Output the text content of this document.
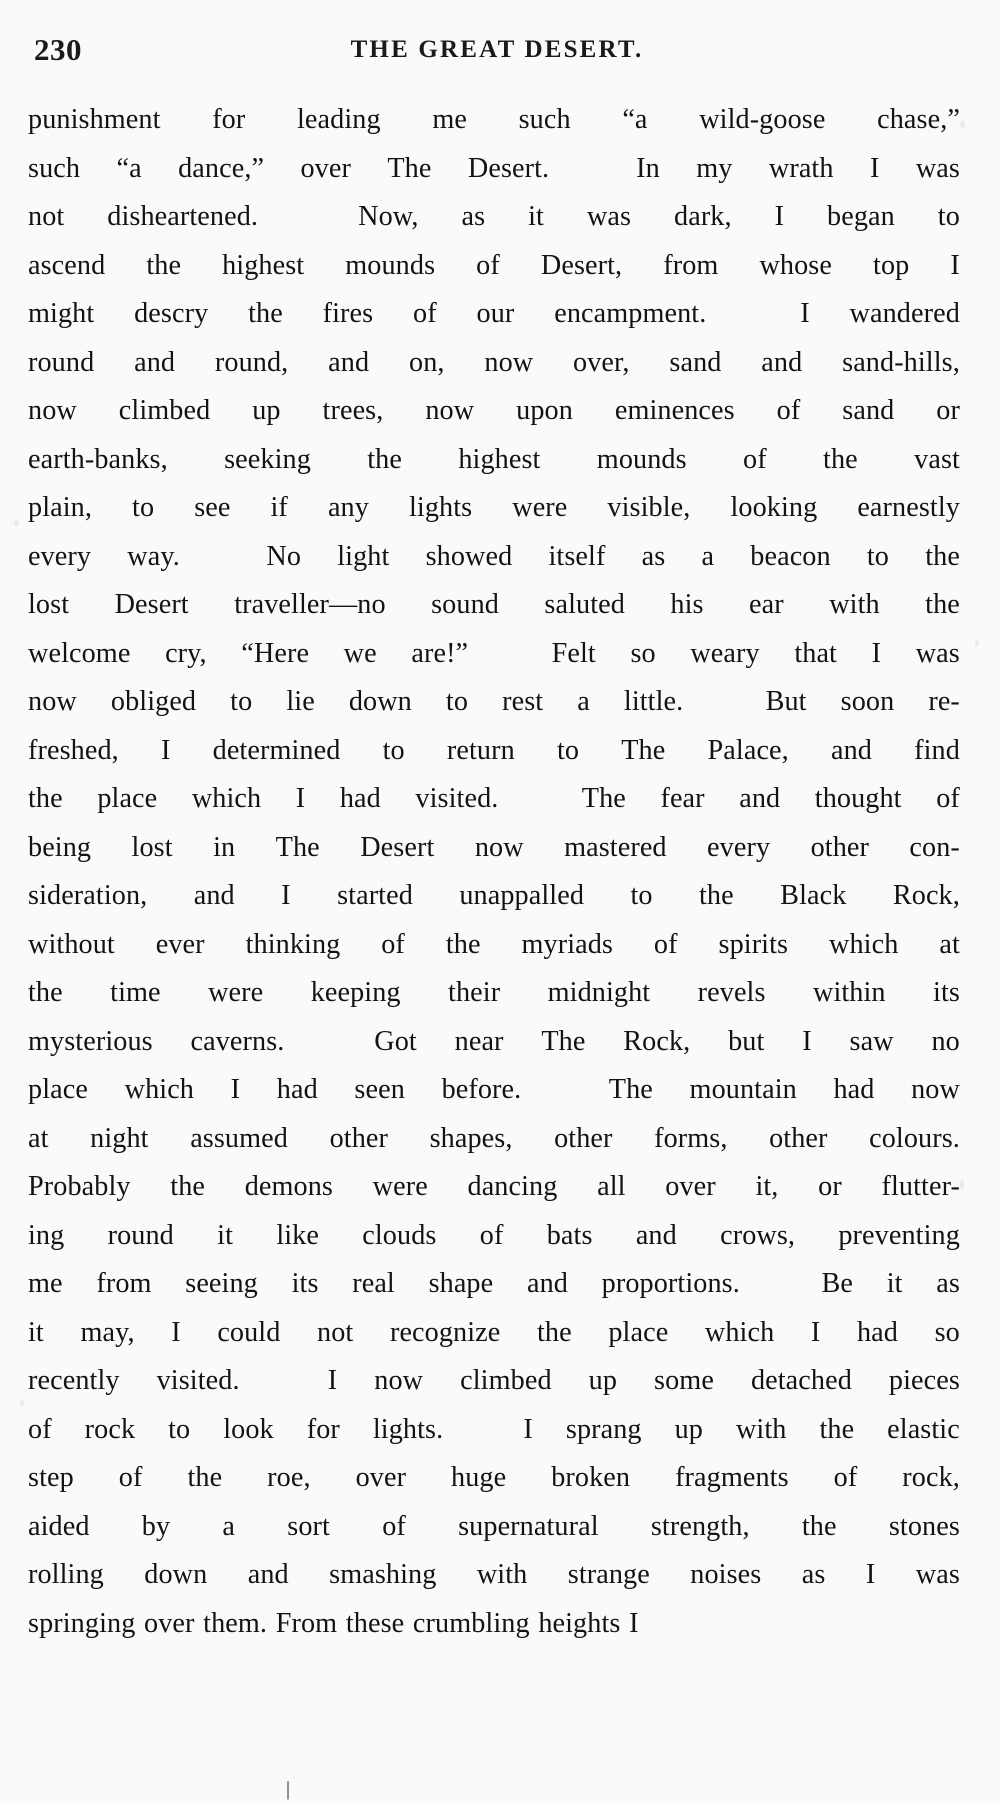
230	THE GREAT DESERT.

punishment for leading me such “a wild-goose chase,”
such “a dance,” over The Desert.
 	In my wrath I was
not disheartened.
 	Now, as it was dark, I began to
ascend the highest mounds of Desert, from whose top I
might descry the fires of our encampment.
 	I wandered
round and round, and on, now over, sand and sand-hills,
now climbed up trees, now upon eminences of sand or
earth-banks, seeking the highest mounds of the vast
plain, to see if any lights were visible, looking earnestly
every way.
 	No light showed itself as a beacon to the
lost Desert traveller—no sound saluted his ear with the
welcome cry, “Here we are!”
 	Felt so weary that I was
now obliged to lie down to rest a little.
 	But soon re-
freshed, I determined to return to The Palace, and find
the place which I had visited.
 	The fear and thought of
being lost in The Desert now mastered every other con-
sideration, and I started unappalled to the Black Rock,
without ever thinking of the myriads of spirits which at
the time were keeping their midnight revels within its
mysterious caverns.
 	Got near The Rock, but I saw no
place which I had seen before.
 	The mountain had now
at night assumed other shapes, other forms, other colours.
Probably the demons were dancing all over it, or flutter-
ing round it like clouds of bats and crows, preventing
me from seeing its real shape and proportions.
 	Be it as
it may, I could not recognize the place which I had so
recently visited.
 	I now climbed up some detached pieces
of rock to look for lights.
 	I sprang up with the elastic
step of the roe, over huge broken fragments of rock,
aided by a sort of supernatural strength, the stones
rolling down and smashing with strange noises as I was
springing over them. From these crumbling heights I

|
